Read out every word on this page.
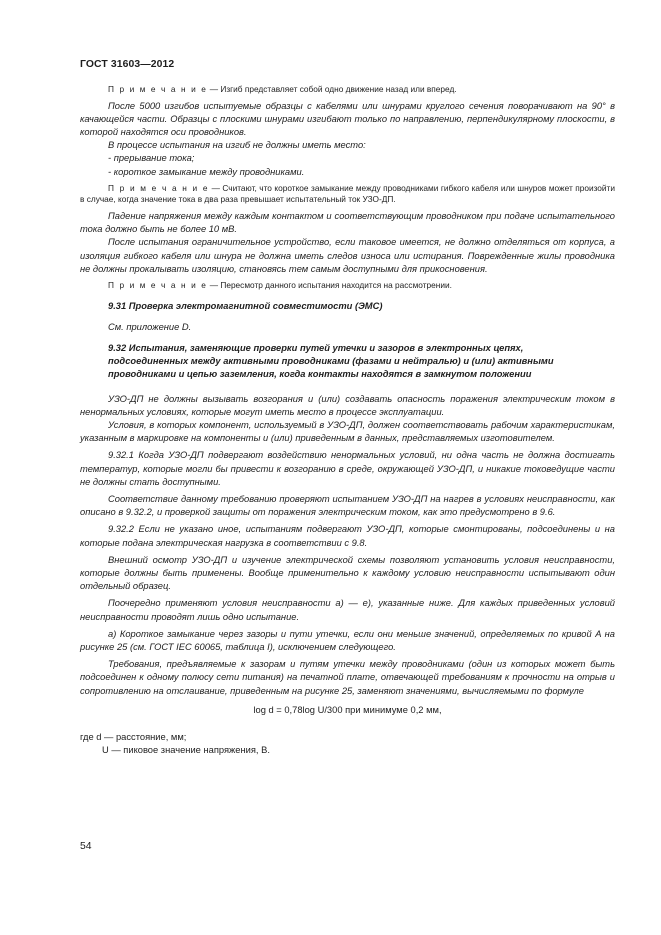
ГОСТ 31603—2012

П р и м е ч а н и е — Изгиб представляет собой одно движение назад или вперед.

После 5000 изгибов испытуемые образцы с кабелями или шнурами круглого сечения поворачивают на 90° в качающейся части. Образцы с плоскими шнурами изгибают только по направлению, перпендикулярному плоскости, в которой находятся оси проводников.

В процессе испытания на изгиб не должны иметь место:

- прерывание тока;

- короткое замыкание между проводниками.

П р и м е ч а н и е — Считают, что короткое замыкание между проводниками гибкого кабеля или шнуров может произойти в случае, когда значение тока в два раза превышает испытательный ток УЗО-ДП.

Падение напряжения между каждым контактом и соответствующим проводником при подаче испытательного тока должно быть не более 10 мВ.

После испытания ограничительное устройство, если таковое имеется, не должно отделяться от корпуса, а изоляция гибкого кабеля или шнура не должна иметь следов износа или истирания. Поврежденные жилы проводника не должны прокалывать изоляцию, становясь тем самым доступными для прикосновения.

П р и м е ч а н и е — Пересмотр данного испытания находится на рассмотрении.

9.31 Проверка электромагнитной совместимости (ЭМС)

См. приложение D.

9.32 Испытания, заменяющие проверки путей утечки и зазоров в электронных цепях, подсоединенных между активными проводниками (фазами и нейтралью) и (или) активными проводниками и цепью заземления, когда контакты находятся в замкнутом положении

УЗО-ДП не должны вызывать возгорания и (или) создавать опасность поражения электрическим током в ненормальных условиях, которые могут иметь место в процессе эксплуатации.

Условия, в которых компонент, используемый в УЗО-ДП, должен соответствовать рабочим характеристикам, указанным в маркировке на компоненты и (или) приведенным в данных, представляемых изготовителем.

9.32.1 Когда УЗО-ДП подвергают воздействию ненормальных условий, ни одна часть не должна достигать температур, которые могли бы привести к возгоранию в среде, окружающей УЗО-ДП, и никакие токоведущие части не должны стать доступными.

Соответствие данному требованию проверяют испытанием УЗО-ДП на нагрев в условиях неисправности, как описано в 9.32.2, и проверкой защиты от поражения электрическим током, как это предусмотрено в 9.6.

9.32.2 Если не указано иное, испытаниям подвергают УЗО-ДП, которые смонтированы, подсоединены и на которые подана электрическая нагрузка в соответствии с 9.8.

Внешний осмотр УЗО-ДП и изучение электрической схемы позволяют установить условия неисправности, которые должны быть применены. Вообще применительно к каждому условию неисправности испытывают один отдельный образец.

Поочередно применяют условия неисправности а) — е), указанные ниже. Для каждых приведенных условий неисправности проводят лишь одно испытание.

а) Короткое замыкание через зазоры и пути утечки, если они меньше значений, определяемых по кривой A на рисунке 25 (см. ГОСТ IEC 60065, таблица I), исключением следующего.

Требования, предъявляемые к зазорам и путям утечки между проводниками (один из которых может быть подсоединен к одному полюсу сети питания) на печатной плате, отвечающей требованиям к прочности на отрыв и сопротивлению на отслаивание, приведенным на рисунке 25, заменяют значениями, вычисляемыми по формуле

log d = 0,78log U/300 при минимуме 0,2 мм,

где d — расстояние, мм;
U — пиковое значение напряжения, В.
54
